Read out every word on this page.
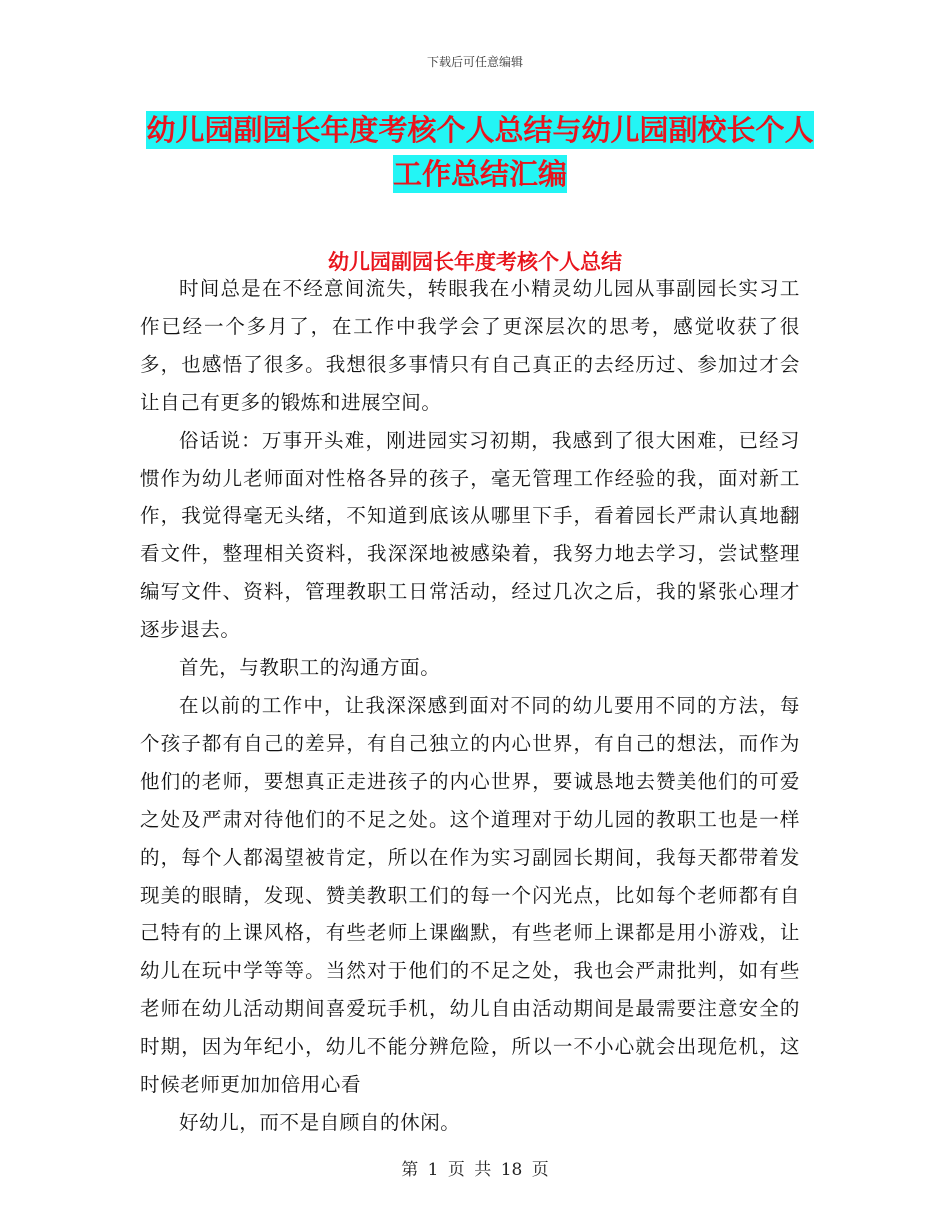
下载后可任意编辑
幼儿园副园长年度考核个人总结与幼儿园副校长个人
工作总结汇编
幼儿园副园长年度考核个人总结

时间总是在不经意间流失，转眼我在小精灵幼儿园从事副园长实习工作已经一个多月了，在工作中我学会了更深层次的思考，感觉收获了很多，也感悟了很多。我想很多事情只有自己真正的去经历过、参加过才会让自己有更多的锻炼和进展空间。

俗话说：万事开头难，刚进园实习初期，我感到了很大困难，已经习惯作为幼儿老师面对性格各异的孩子，毫无管理工作经验的我，面对新工作，我觉得毫无头绪，不知道到底该从哪里下手，看着园长严肃认真地翻看文件，整理相关资料，我深深地被感染着，我努力地去学习，尝试整理编写文件、资料，管理教职工日常活动，经过几次之后，我的紧张心理才逐步退去。

首先，与教职工的沟通方面。

在以前的工作中，让我深深感到面对不同的幼儿要用不同的方法，每个孩子都有自己的差异，有自己独立的内心世界，有自己的想法，而作为他们的老师，要想真正走进孩子的内心世界，要诚恳地去赞美他们的可爱之处及严肃对待他们的不足之处。这个道理对于幼儿园的教职工也是一样的，每个人都渴望被肯定，所以在作为实习副园长期间，我每天都带着发现美的眼睛，发现、赞美教职工们的每一个闪光点，比如每个老师都有自己特有的上课风格，有些老师上课幽默，有些老师上课都是用小游戏，让幼儿在玩中学等等。当然对于他们的不足之处，我也会严肃批判，如有些老师在幼儿活动期间喜爱玩手机，幼儿自由活动期间是最需要注意安全的时期，因为年纪小，幼儿不能分辨危险，所以一不小心就会出现危机，这时候老师更加加倍用心看

好幼儿，而不是自顾自的休闲。

第 1 页 共 18 页
